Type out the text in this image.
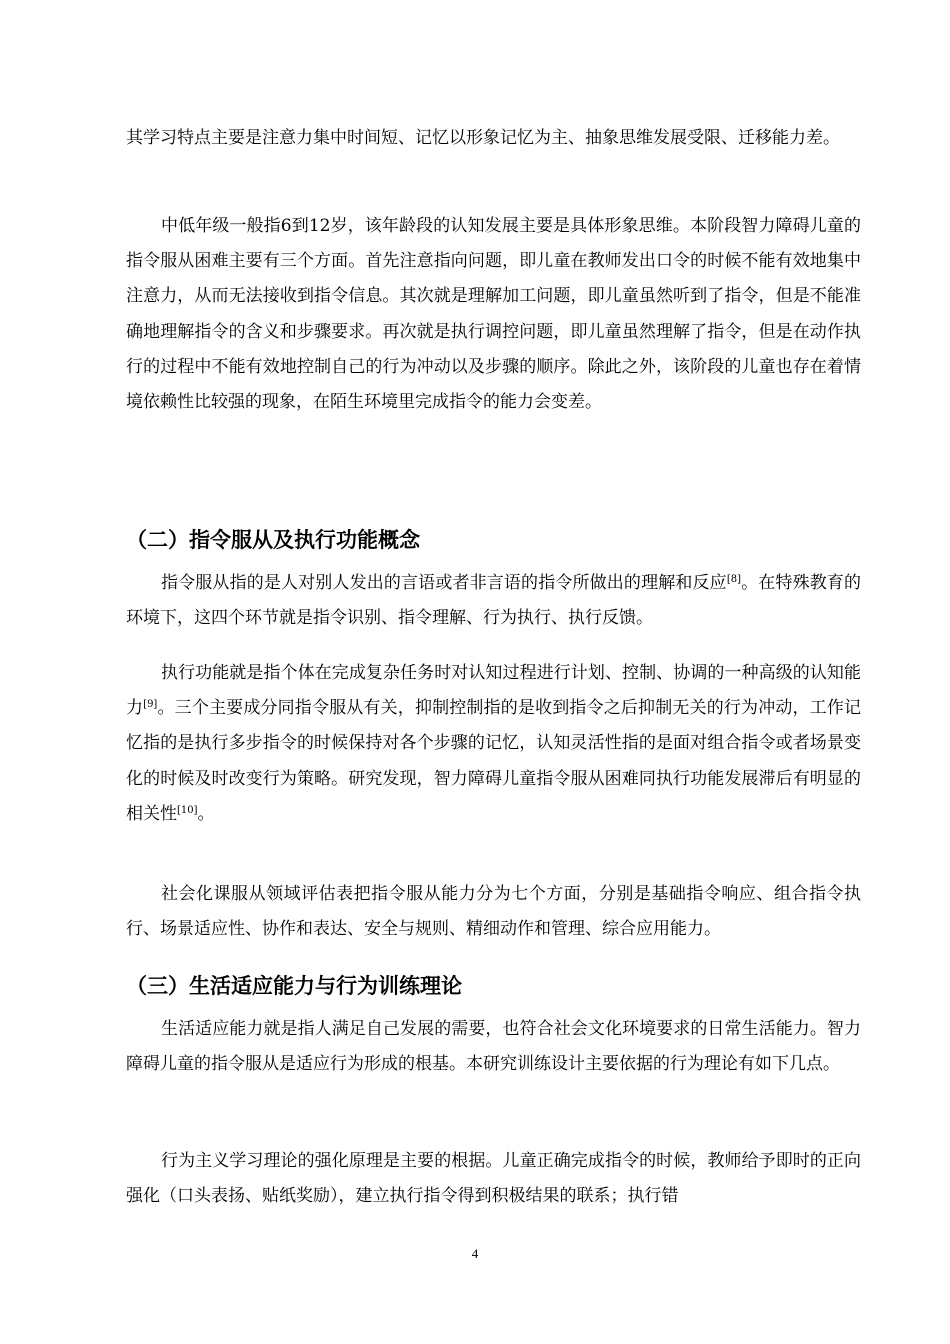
其学习特点主要是注意力集中时间短、记忆以形象记忆为主、抽象思维发展受限、迁移能力差。

中低年级一般指6到12岁，该年龄段的认知发展主要是具体形象思维。本阶段智力障碍儿童的指令服从困难主要有三个方面。首先注意指向问题，即儿童在教师发出口令的时候不能有效地集中注意力，从而无法接收到指令信息。其次就是理解加工问题，即儿童虽然听到了指令，但是不能准确地理解指令的含义和步骤要求。再次就是执行调控问题，即儿童虽然理解了指令，但是在动作执行的过程中不能有效地控制自己的行为冲动以及步骤的顺序。除此之外，该阶段的儿童也存在着情境依赖性比较强的现象，在陌生环境里完成指令的能力会变差。

（二）指令服从及执行功能概念

指令服从指的是人对别人发出的言语或者非言语的指令所做出的理解和反应[8]。在特殊教育的环境下，这四个环节就是指令识别、指令理解、行为执行、执行反馈。

执行功能就是指个体在完成复杂任务时对认知过程进行计划、控制、协调的一种高级的认知能力[9]。三个主要成分同指令服从有关，抑制控制指的是收到指令之后抑制无关的行为冲动，工作记忆指的是执行多步指令的时候保持对各个步骤的记忆，认知灵活性指的是面对组合指令或者场景变化的时候及时改变行为策略。研究发现，智力障碍儿童指令服从困难同执行功能发展滞后有明显的相关性[10]。

社会化课服从领域评估表把指令服从能力分为七个方面，分别是基础指令响应、组合指令执行、场景适应性、协作和表达、安全与规则、精细动作和管理、综合应用能力。

（三）生活适应能力与行为训练理论

生活适应能力就是指人满足自己发展的需要，也符合社会文化环境要求的日常生活能力。智力障碍儿童的指令服从是适应行为形成的根基。本研究训练设计主要依据的行为理论有如下几点。

行为主义学习理论的强化原理是主要的根据。儿童正确完成指令的时候，教师给予即时的正向强化（口头表扬、贴纸奖励），建立执行指令得到积极结果的联系；执行错

4
